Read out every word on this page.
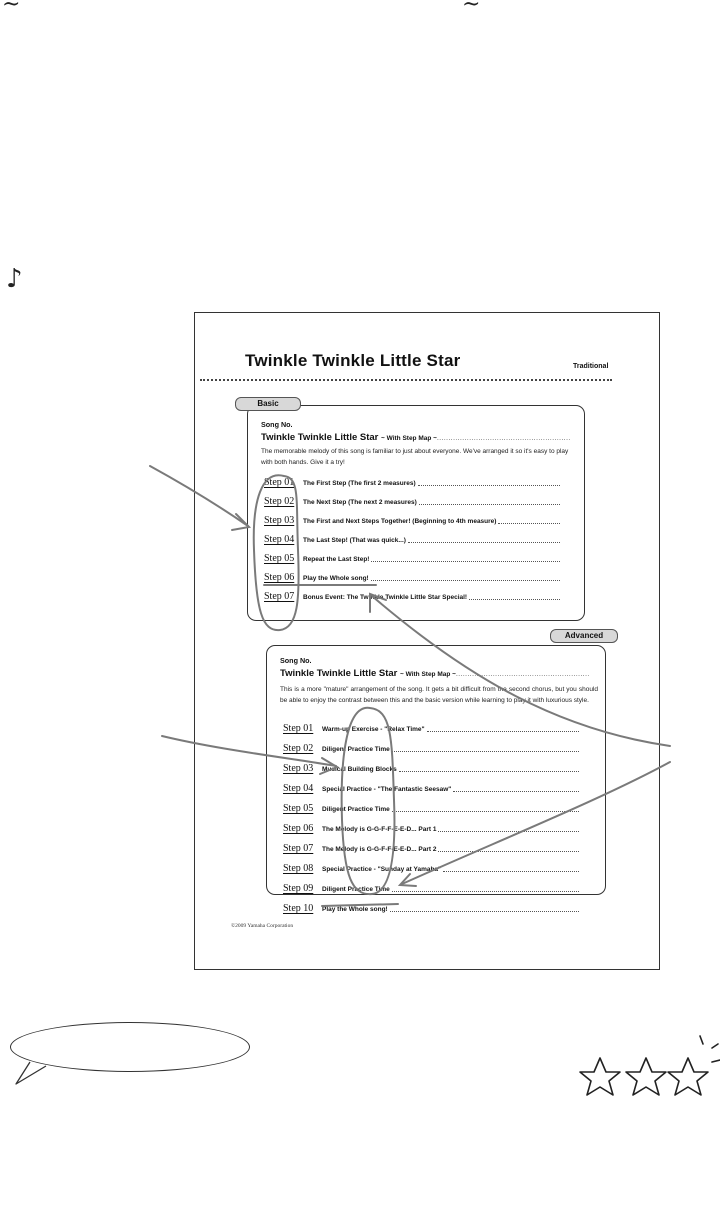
~	~
♪
Twinkle Twinkle Little Star	Traditional
Song No.
Twinkle Twinkle Little Star ~ With Step Map ~..........................................................
The memorable melody of this song is familiar to just about everyone. We've arranged it so it's easy to play with both hands. Give it a try!
Step 01	The First Step (The first 2 measures)
Step 02	The Next Step (The next 2 measures)
Step 03	The First and Next Steps Together! (Beginning to 4th measure)
Step 04	The Last Step! (That was quick...)
Step 05	Repeat the Last Step!
Step 06	Play the Whole song!
Step 07	Bonus Event: The Twinkle Twinkle Little Star Special!
Basic
Song No.
Twinkle Twinkle Little Star ~ With Step Map ~..........................................................
This is a more "mature" arrangement of the song. It gets a bit difficult from the second chorus, but you should be able to enjoy the contrast between this and the basic version while learning to play it with luxurious style.
Step 01	Warm-up Exercise - "Relax Time"
Step 02	Diligent Practice Time
Step 03	Musical Building Blocks
Step 04	Special Practice - "The Fantastic Seesaw"
Step 05	Diligent Practice Time
Step 06	The Melody is G-G-F-F-E-E-D... Part 1
Step 07	The Melody is G-G-F-F-E-E-D... Part 2
Step 08	Special Practice - "Sunday at Yamaha"
Step 09	Diligent Practice Time
Step 10	Play the Whole song!
Advanced
©2009 Yamaha Corporation
